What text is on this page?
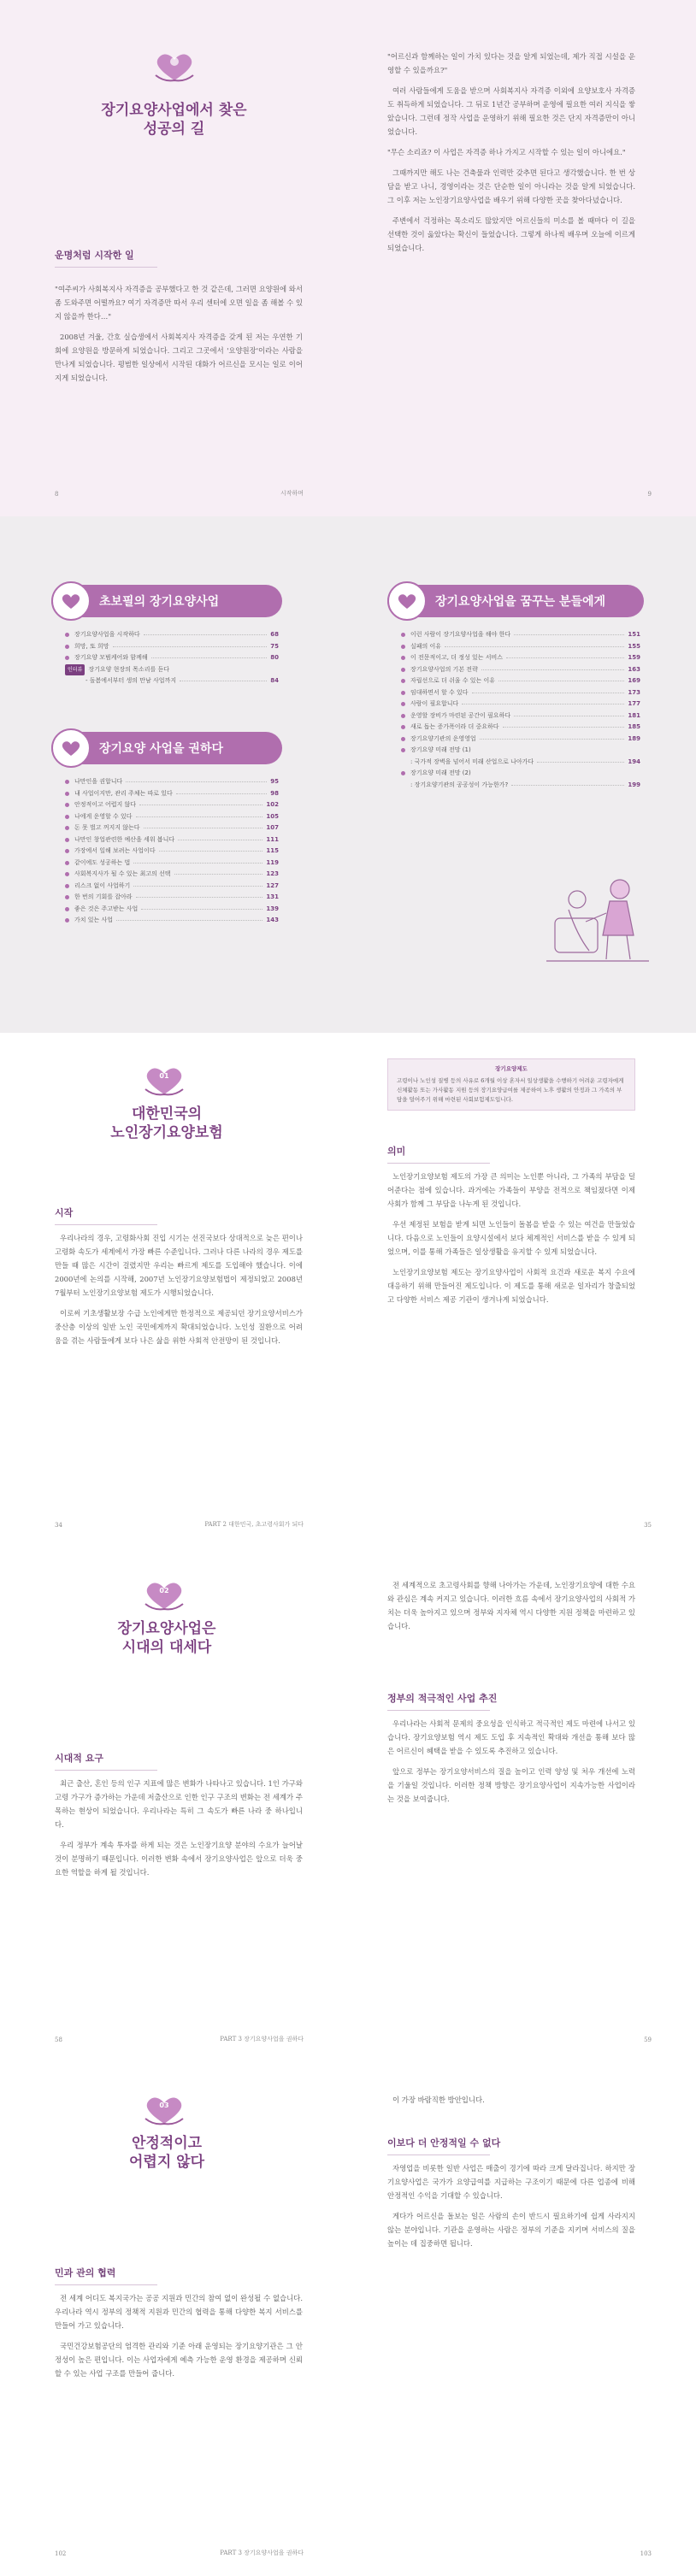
장기요양사업에서 찾은
성공의 길
운명처럼 시작한 일
"여주씨가 사회복지사 자격증을 공부했다고 한 것 같은데, 그러면 요양원에 와서 좀 도와주면 어떨까요? 여기 자격증만 따서 우리 센터에 오면 일을 좀 해볼 수 있지 않을까 한다…"

2008년 겨울, 간호 실습생에서 사회복지사 자격증을 갖게 된 저는 우연한 기회에 요양원을 방문하게 되었습니다. 그리고 그곳에서 '요양원장'이라는 사람을 만나게 되었습니다. 평범한 일상에서 시작된 대화가 어르신을 모시는 일로 이어지게 되었습니다.

8	시작하며
"어르신과 함께하는 일이 가치 있다는 것을 알게 되었는데, 제가 직접 시설을 운영할 수 있을까요?"

여러 사람들에게 도움을 받으며 사회복지사 자격증 이외에 요양보호사 자격증도 취득하게 되었습니다. 그 뒤로 1년간 공부하며 운영에 필요한 여러 지식을 쌓았습니다. 그런데 정작 사업을 운영하기 위해 필요한 것은 단지 자격증만이 아니었습니다.

"무슨 소리죠? 이 사업은 자격증 하나 가지고 시작할 수 있는 일이 아니에요."

그때까지만 해도 나는 건축물과 인력만 갖추면 된다고 생각했습니다. 한 번 상담을 받고 나니, 경영이라는 것은 단순한 일이 아니라는 것을 알게 되었습니다. 그 이후 저는 노인장기요양사업을 배우기 위해 다양한 곳을 찾아다녔습니다.

주변에서 걱정하는 목소리도 많았지만 어르신들의 미소를 볼 때마다 이 길을 선택한 것이 옳았다는 확신이 들었습니다. 그렇게 하나씩 배우며 오늘에 이르게 되었습니다.

9
초보필의 장기요양사업
장기요양사업을 시작하다	68
희망, 또 희망	75
장기요양 모범케어와 함께해	80
인터뷰	장기요양 현장의 목소리를 듣다
- 돌봄에서부터 생의 만남 사업까지	84
장기요양 사업을 권하다
나만인을 권합니다	95
내 사업이지만, 관리 주체는 따로 있다	98
안정적이고 어렵지 않다	102
나에게 운영할 수 있다	105
돈 못 벌고 꺼지지 않는다	107
나만인 창업관련한 예산을 세워 봅니다	111
가장에서 일해 보려는 사업이다	115
같이에도 성공하는 법	119
사회복지사가 될 수 있는 최고의 선택	123
리스크 없이 사업하기	127
한 번의 기회를 잡아라	131
좋은 것은 주고받는 사업	139
가치 있는 사업	143
장기요양사업을 꿈꾸는 분들에게
이런 사람이 장기요양사업을 해야 한다	151
실패의 이유	155
이 전문적이고, 더 정성 있는 서비스	159
장기요양사업의 기본 전략	163
자립선으로 더 쉬울 수 있는 이유	169
임대하면서 할 수 있다	173
사람이 필요합니다	177
운영할 장비가 마련된 공간이 필요하다	181
새로 돕는 증가폭이라 더 중요하다	185
장기요양기관의 운영영업	189
장기요양 미래 전망 (1)
: 국가적 장벽을 넘어서 미래 산업으로 나아가다	194
장기요양 미래 전망 (2)
: 장기요양기관의 공공성이 가능한가?	199
01
대한민국의
노인장기요양보험
시작

우리나라의 경우, 고령화사회 진입 시기는 선진국보다 상대적으로 늦은 편이나 고령화 속도가 세계에서 가장 빠른 수준입니다. 그러나 다른 나라의 경우 제도를 만들 때 많은 시간이 걸렸지만 우리는 빠르게 제도를 도입해야 했습니다. 이에 2000년에 논의를 시작해, 2007년 노인장기요양보험법이 제정되었고 2008년 7월부터 노인장기요양보험 제도가 시행되었습니다.

이로써 기초생활보장 수급 노인에게만 한정적으로 제공되던 장기요양서비스가 중산층 이상의 일반 노인 국민에게까지 확대되었습니다. 노인성 질환으로 어려움을 겪는 사람들에게 보다 나은 삶을 위한 사회적 안전망이 된 것입니다.

34	PART 2 대한민국, 초고령사회가 되다
장기요양제도
고령이나 노인성 질병 등의 사유로 6개월 이상 혼자서 일상생활을 수행하기 어려운 고령자에게 신체활동 또는 가사활동 지원 등의 장기요양급여를 제공하여 노후 생활의 안정과 그 가족의 부담을 덜어주기 위해 마련된 사회보험제도입니다.
의미

노인장기요양보험 제도의 가장 큰 의미는 노인뿐 아니라, 그 가족의 부담을 덜어준다는 점에 있습니다. 과거에는 가족들이 부양을 전적으로 책임졌다면 이제 사회가 함께 그 부담을 나누게 된 것입니다.

우선 제정된 보험을 받게 되면 노인들이 돌봄을 받을 수 있는 여건을 만들었습니다. 다음으로 노인들이 요양시설에서 보다 체계적인 서비스를 받을 수 있게 되었으며, 이를 통해 가족들은 일상생활을 유지할 수 있게 되었습니다.

노인장기요양보험 제도는 장기요양사업이 사회적 요건과 새로운 복지 수요에 대응하기 위해 만들어진 제도입니다. 이 제도를 통해 새로운 일자리가 창출되었고 다양한 서비스 제공 기관이 생겨나게 되었습니다.

35
02
장기요양사업은
시대의 대세다
시대적 요구

최근 출산, 혼인 등의 인구 지표에 많은 변화가 나타나고 있습니다. 1인 가구와 고령 가구가 증가하는 가운데 저출산으로 인한 인구 구조의 변화는 전 세계가 주목하는 현상이 되었습니다. 우리나라는 특히 그 속도가 빠른 나라 중 하나입니다.

우리 정부가 계속 투자를 하게 되는 것은 노인장기요양 분야의 수요가 늘어날 것이 분명하기 때문입니다. 이러한 변화 속에서 장기요양사업은 앞으로 더욱 중요한 역할을 하게 될 것입니다.

58	PART 3 장기요양사업을 권하다

전 세계적으로 초고령사회를 향해 나아가는 가운데, 노인장기요양에 대한 수요와 관심은 계속 커지고 있습니다. 이러한 흐름 속에서 장기요양사업의 사회적 가치는 더욱 높아지고 있으며 정부와 지자체 역시 다양한 지원 정책을 마련하고 있습니다.

정부의 적극적인 사업 추진

우리나라는 사회적 문제의 중요성을 인식하고 적극적인 제도 마련에 나서고 있습니다. 장기요양보험 역시 제도 도입 후 지속적인 확대와 개선을 통해 보다 많은 어르신이 혜택을 받을 수 있도록 추진하고 있습니다.

앞으로 정부는 장기요양서비스의 질을 높이고 인력 양성 및 처우 개선에 노력을 기울일 것입니다. 이러한 정책 방향은 장기요양사업이 지속가능한 사업이라는 것을 보여줍니다.

59
03
안정적이고
어렵지 않다
민과 관의 협력

전 세계 어디도 복지국가는 공공 지원과 민간의 참여 없이 완성될 수 없습니다. 우리나라 역시 정부의 정책적 지원과 민간의 협력을 통해 다양한 복지 서비스를 만들어 가고 있습니다.

국민건강보험공단의 엄격한 관리와 기준 아래 운영되는 장기요양기관은 그 안정성이 높은 편입니다. 이는 사업자에게 예측 가능한 운영 환경을 제공하며 신뢰할 수 있는 사업 구조를 만들어 줍니다.

102	PART 3 장기요양사업을 권하다

이 가장 바람직한 방안입니다.

이보다 더 안정적일 수 없다

자영업을 비롯한 일반 사업은 매출이 경기에 따라 크게 달라집니다. 하지만 장기요양사업은 국가가 요양급여를 지급하는 구조이기 때문에 다른 업종에 비해 안정적인 수익을 기대할 수 있습니다.

게다가 어르신을 돌보는 일은 사람의 손이 반드시 필요하기에 쉽게 사라지지 않는 분야입니다. 기관을 운영하는 사람은 정부의 기준을 지키며 서비스의 질을 높이는 데 집중하면 됩니다.

103
